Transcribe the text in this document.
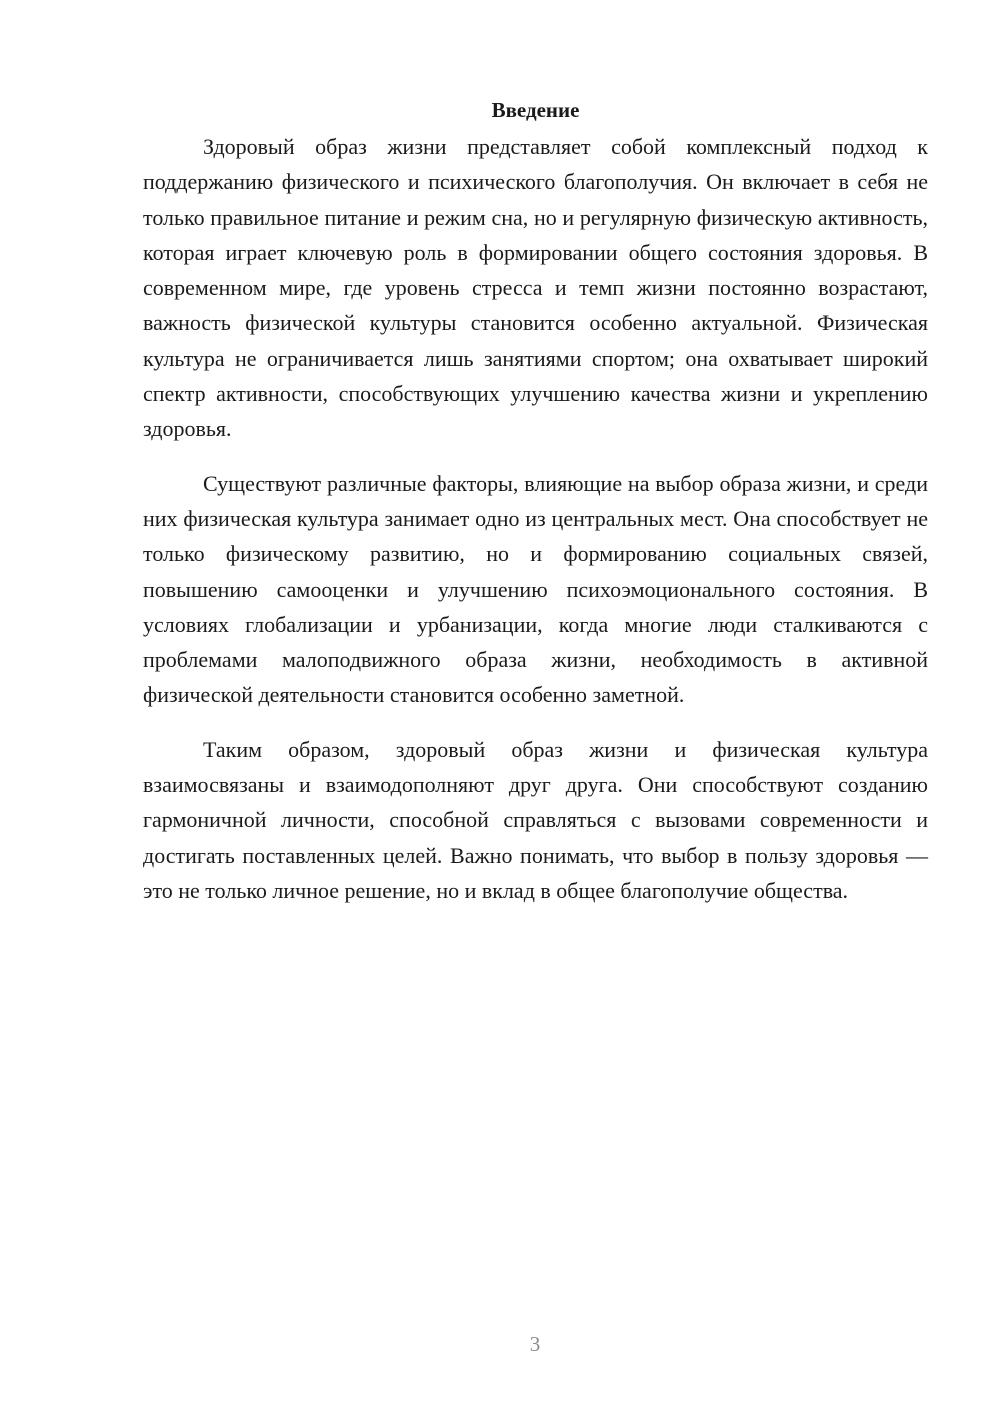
Введение

Здоровый образ жизни представляет собой комплексный подход к поддержанию физического и психического благополучия. Он включает в себя не только правильное питание и режим сна, но и регулярную физическую активность, которая играет ключевую роль в формировании общего состояния здоровья. В современном мире, где уровень стресса и темп жизни постоянно возрастают, важность физической культуры становится особенно актуальной. Физическая культура не ограничивается лишь занятиями спортом; она охватывает широкий спектр активности, способствующих улучшению качества жизни и укреплению здоровья.

Существуют различные факторы, влияющие на выбор образа жизни, и среди них физическая культура занимает одно из центральных мест. Она способствует не только физическому развитию, но и формированию социальных связей, повышению самооценки и улучшению психоэмоционального состояния. В условиях глобализации и урбанизации, когда многие люди сталкиваются с проблемами малоподвижного образа жизни, необходимость в активной физической деятельности становится особенно заметной.

Таким образом, здоровый образ жизни и физическая культура взаимосвязаны и взаимодополняют друг друга. Они способствуют созданию гармоничной личности, способной справляться с вызовами современности и достигать поставленных целей. Важно понимать, что выбор в пользу здоровья — это не только личное решение, но и вклад в общее благополучие общества.

3
